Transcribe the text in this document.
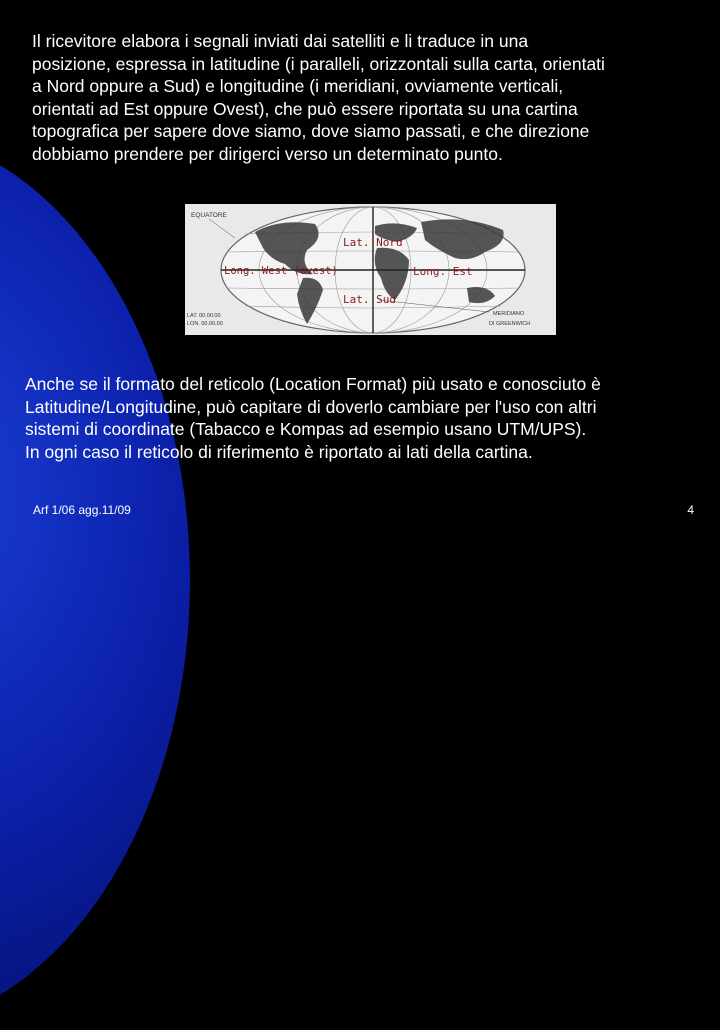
Il ricevitore elabora i segnali inviati dai satelliti e li traduce in una
posizione, espressa in latitudine (i paralleli, orizzontali sulla carta, orientati
a Nord oppure a Sud) e longitudine (i meridiani, ovviamente verticali,
orientati ad Est oppure Ovest), che può essere riportata su una cartina
topografica per sapere dove siamo, dove siamo passati, e che direzione
dobbiamo prendere per dirigerci verso un determinato punto.

EQUATORE
Lat. Nord
Long. West (ovest)	Long. Est
Lat. Sud
LAT. 00.00.00
LON. 00.00.00
MERIDIANO
DI GREENWICH

Anche se il formato del reticolo (Location Format) più usato e conosciuto è
Latitudine/Longitudine, può capitare di doverlo cambiare per l'uso con altri
sistemi di coordinate (Tabacco e Kompas ad esempio usano UTM/UPS).
In ogni caso il reticolo di riferimento è riportato ai lati della cartina.

Arf 1/06 agg.11/09	4
